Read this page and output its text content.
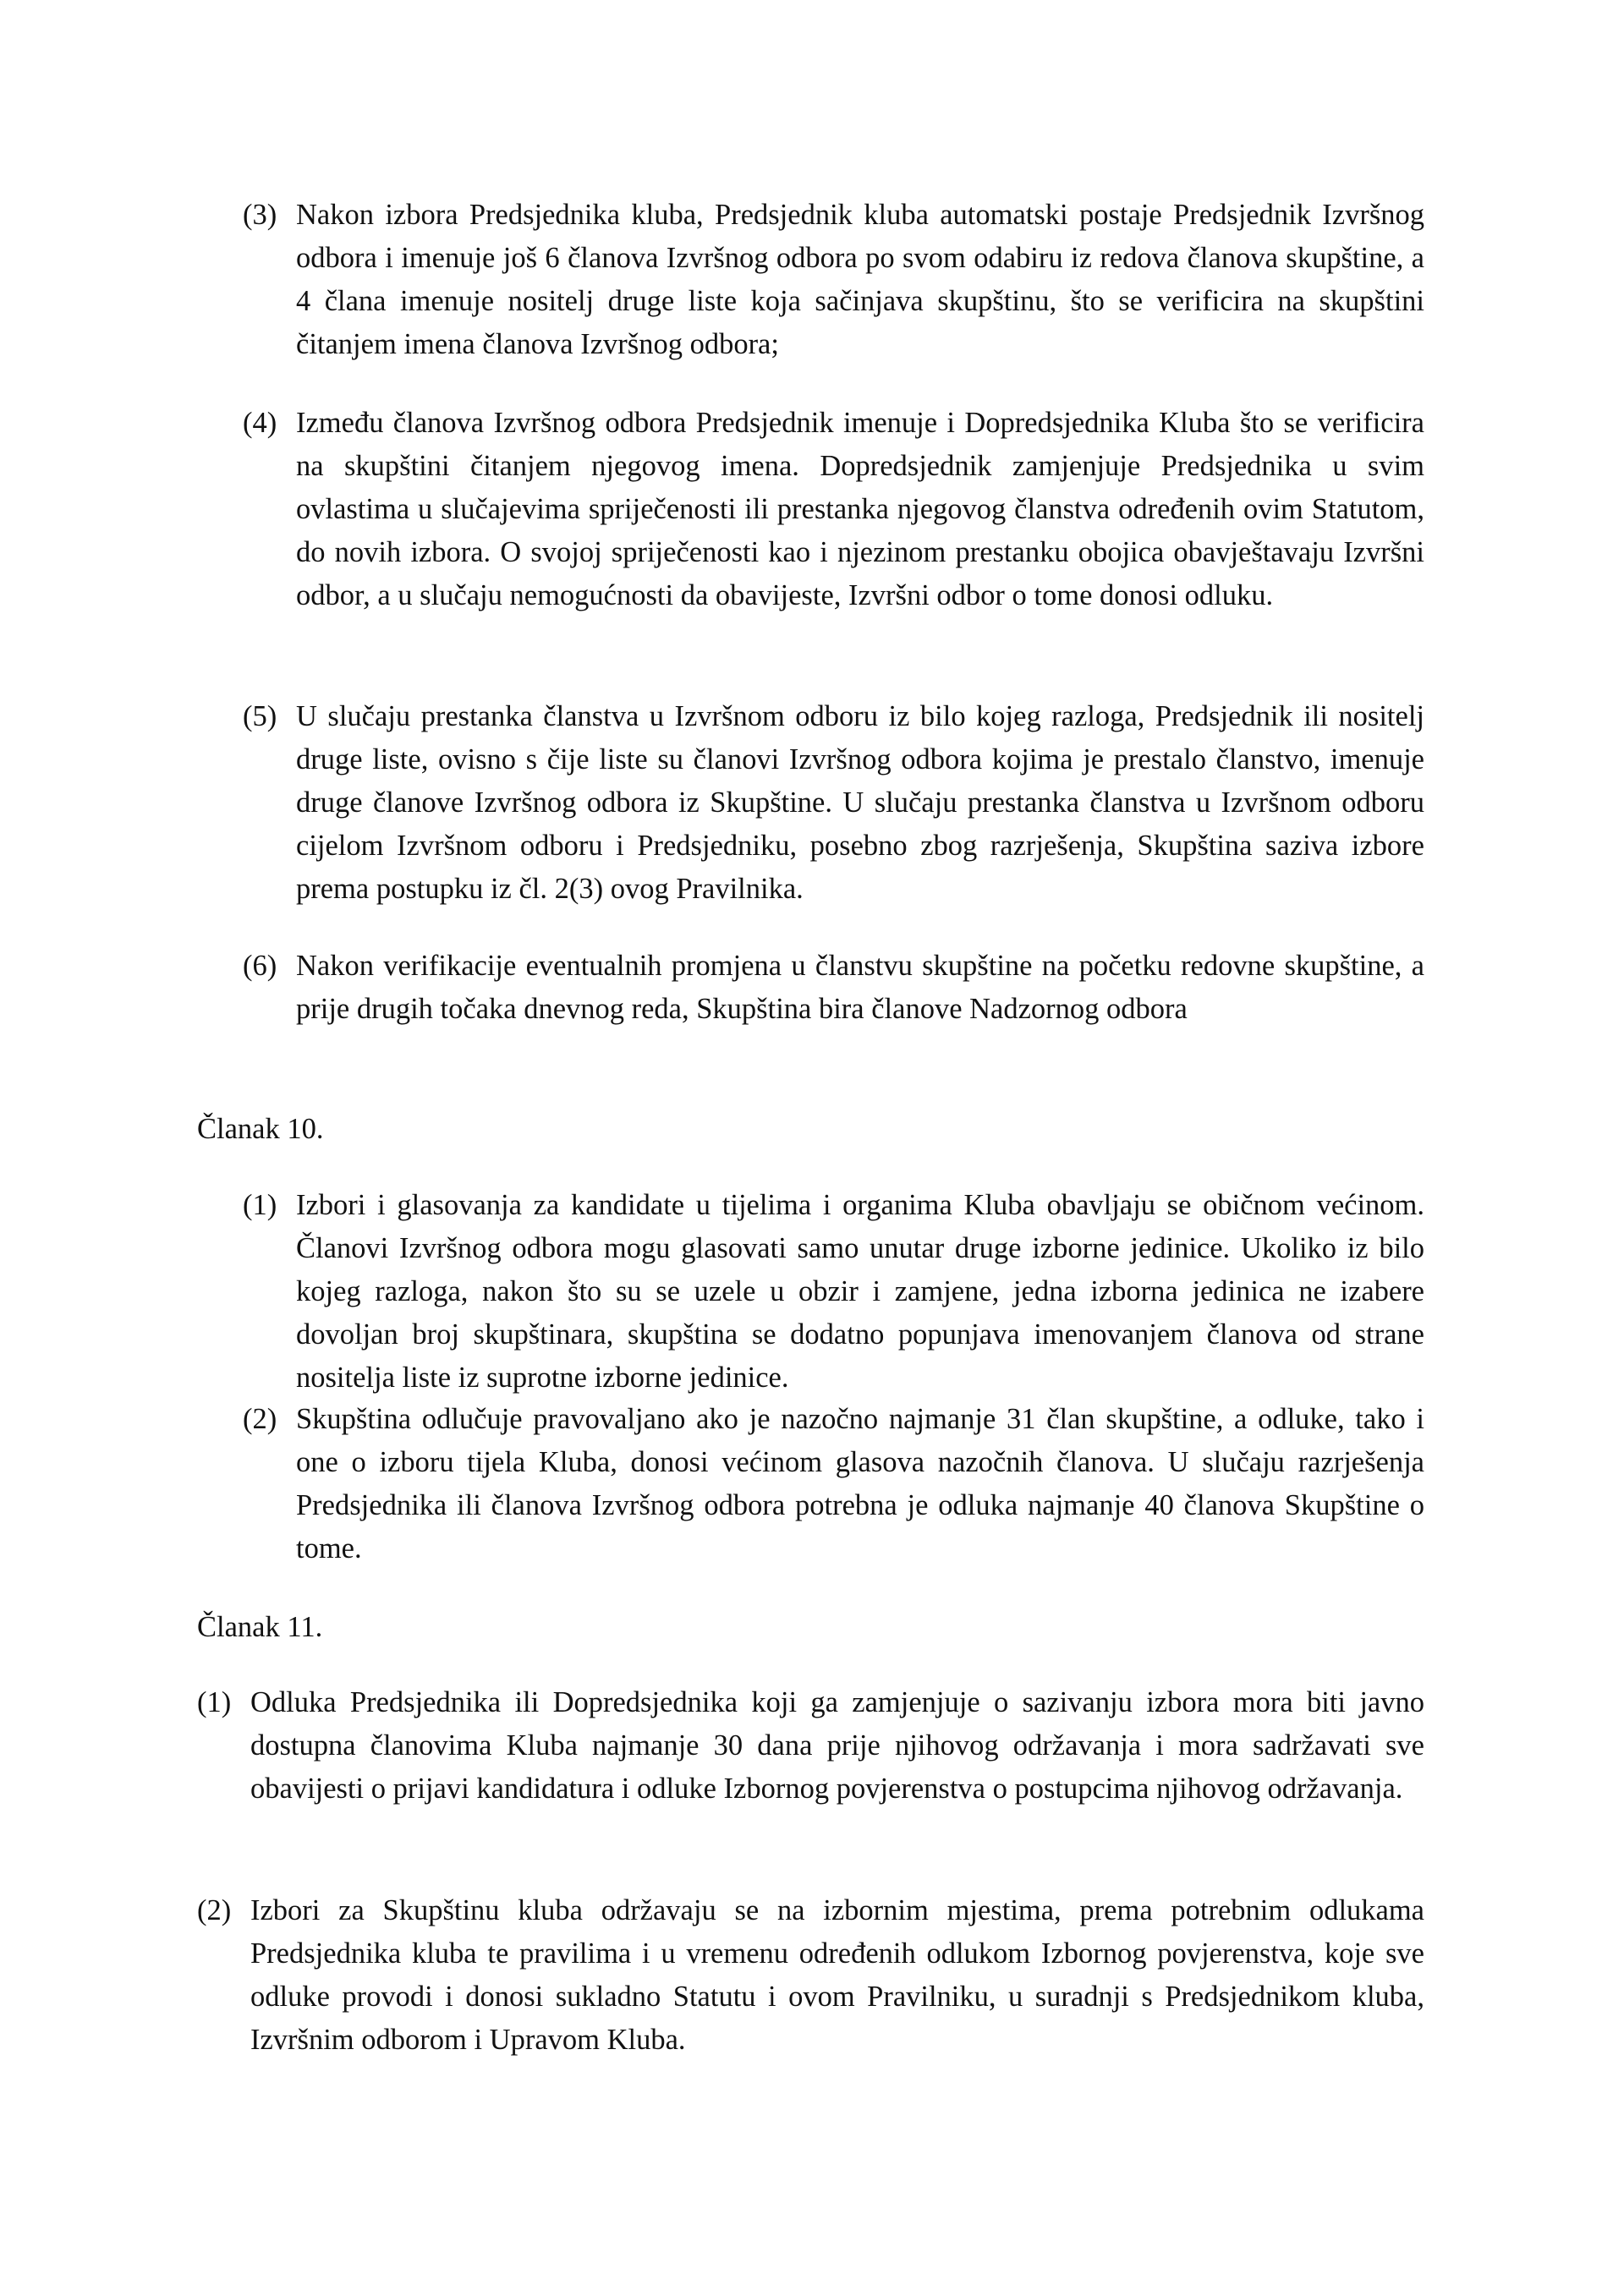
(3) Nakon izbora Predsjednika kluba, Predsjednik kluba automatski postaje Predsjednik Izvršnog odbora i imenuje još 6 članova Izvršnog odbora po svom odabiru iz redova članova skupštine, a 4 člana imenuje nositelj druge liste koja sačinjava skupštinu, što se verificira na skupštini čitanjem imena članova Izvršnog odbora;
(4) Između članova Izvršnog odbora Predsjednik imenuje i Dopredsjednika Kluba što se verificira na skupštini čitanjem njegovog imena. Dopredsjednik zamjenjuje Predsjednika u svim ovlastima u slučajevima spriječenosti ili prestanka njegovog članstva određenih ovim Statutom, do novih izbora. O svojoj spriječenosti kao i njezinom prestanku obojica obavještavaju Izvršni odbor, a u slučaju nemogućnosti da obavijeste, Izvršni odbor o tome donosi odluku.
(5) U slučaju prestanka članstva u Izvršnom odboru iz bilo kojeg razloga, Predsjednik ili nositelj druge liste, ovisno s čije liste su članovi Izvršnog odbora kojima je prestalo članstvo, imenuje druge članove Izvršnog odbora iz Skupštine. U slučaju prestanka članstva u Izvršnom odboru cijelom Izvršnom odboru i Predsjedniku, posebno zbog razrješenja, Skupština saziva izbore prema postupku iz čl. 2(3) ovog Pravilnika.
(6) Nakon verifikacije eventualnih promjena u članstvu skupštine na početku redovne skupštine, a prije drugih točaka dnevnog reda, Skupština bira članove Nadzornog odbora
Članak 10.
(1) Izbori i glasovanja za kandidate u tijelima i organima Kluba obavljaju se običnom većinom. Članovi Izvršnog odbora mogu glasovati samo unutar druge izborne jedinice. Ukoliko iz bilo kojeg razloga, nakon što su se uzele u obzir i zamjene, jedna izborna jedinica ne izabere dovoljan broj skupštinara, skupština se dodatno popunjava imenovanjem članova od strane nositelja liste iz suprotne izborne jedinice.
(2) Skupština odlučuje pravovaljano ako je nazočno najmanje 31 član skupštine, a odluke, tako i one o izboru tijela Kluba, donosi većinom glasova nazočnih članova. U slučaju razrješenja Predsjednika ili članova Izvršnog odbora potrebna je odluka najmanje 40 članova Skupštine o tome.
Članak 11.
(1) Odluka Predsjednika ili Dopredsjednika koji ga zamjenjuje o sazivanju izbora mora biti javno dostupna članovima Kluba najmanje 30 dana prije njihovog održavanja i mora sadržavati sve obavijesti o prijavi kandidatura i odluke Izbornog povjerenstva o postupcima njihovog održavanja.
(2) Izbori za Skupštinu kluba održavaju se na izbornim mjestima, prema potrebnim odlukama Predsjednika kluba te pravilima i u vremenu određenih odlukom Izbornog povjerenstva, koje sve odluke provodi i donosi sukladno Statutu i ovom Pravilniku, u suradnji s Predsjednikom kluba, Izvršnim odborom i Upravom Kluba.
